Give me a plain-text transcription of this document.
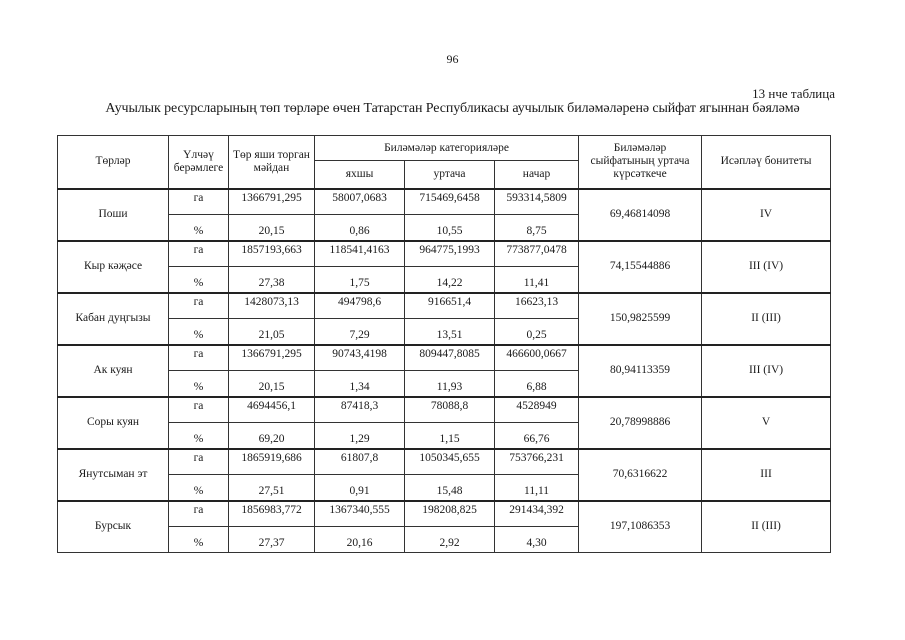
96
13 нче таблица
Аучылык ресурсларының төп төрләре өчен Татарстан Республикасы аучылык биләмәләренә сыйфат ягыннан бәяләмә
Төрләр	Үлчәү берәмлеге	Төр яши торган мәйдан	Биләмәләр категорияләре			Биләмәләр сыйфатының уртача күрсәткече	Исәпләү бонитеты
			яхшы	уртача	начар		
Поши	га	1366791,295	58007,0683	715469,6458	593314,5809	69,46814098	IV
	%	20,15	0,86	10,55	8,75		
Кыр кәҗәсе	га	1857193,663	118541,4163	964775,1993	773877,0478	74,15544886	III (IV)
	%	27,38	1,75	14,22	11,41		
Кабан дуңгызы	га	1428073,13	494798,6	916651,4	16623,13	150,9825599	II (III)
	%	21,05	7,29	13,51	0,25		
Ак куян	га	1366791,295	90743,4198	809447,8085	466600,0667	80,94113359	III (IV)
	%	20,15	1,34	11,93	6,88		
Соры куян	га	4694456,1	87418,3	78088,8	4528949	20,78998886	V
	%	69,20	1,29	1,15	66,76		
Янутсыман эт	га	1865919,686	61807,8	1050345,655	753766,231	70,6316622	III
	%	27,51	0,91	15,48	11,11		
Бурсык	га	1856983,772	1367340,555	198208,825	291434,392	197,1086353	II (III)
	%	27,37	20,16	2,92	4,30		
